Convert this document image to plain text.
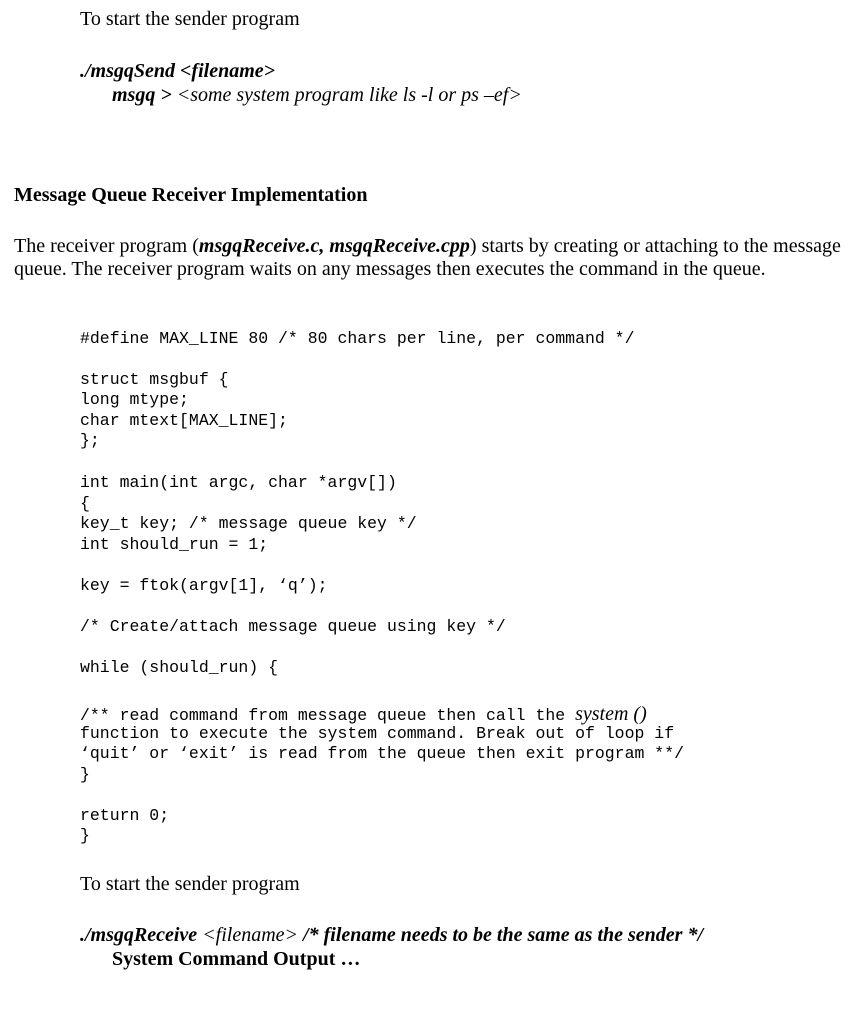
To start the sender program
./msgqSend <filename>
msgq > <some system program like ls -l or ps –ef>
Message Queue Receiver Implementation
The receiver program (msgqReceive.c, msgqReceive.cpp) starts by creating or attaching to the message queue. The receiver program waits on any messages then executes the command in the queue.
#define MAX_LINE 80 /* 80 chars per line, per command */
struct msgbuf {
long mtype;
char mtext[MAX_LINE];
};
int main(int argc, char *argv[])
{
key_t key; /* message queue key */
int should_run = 1;
key = ftok(argv[1], ‘q’);
/* Create/attach message queue using key */
while (should_run) {
/** read command from message queue then call the system ()
function to execute the system command. Break out of loop if
‘quit’ or ‘exit’ is read from the queue then exit program **/
}
return 0;
}
To start the sender program
./msgqReceive <filename> /* filename needs to be the same as the sender */
System Command Output …
